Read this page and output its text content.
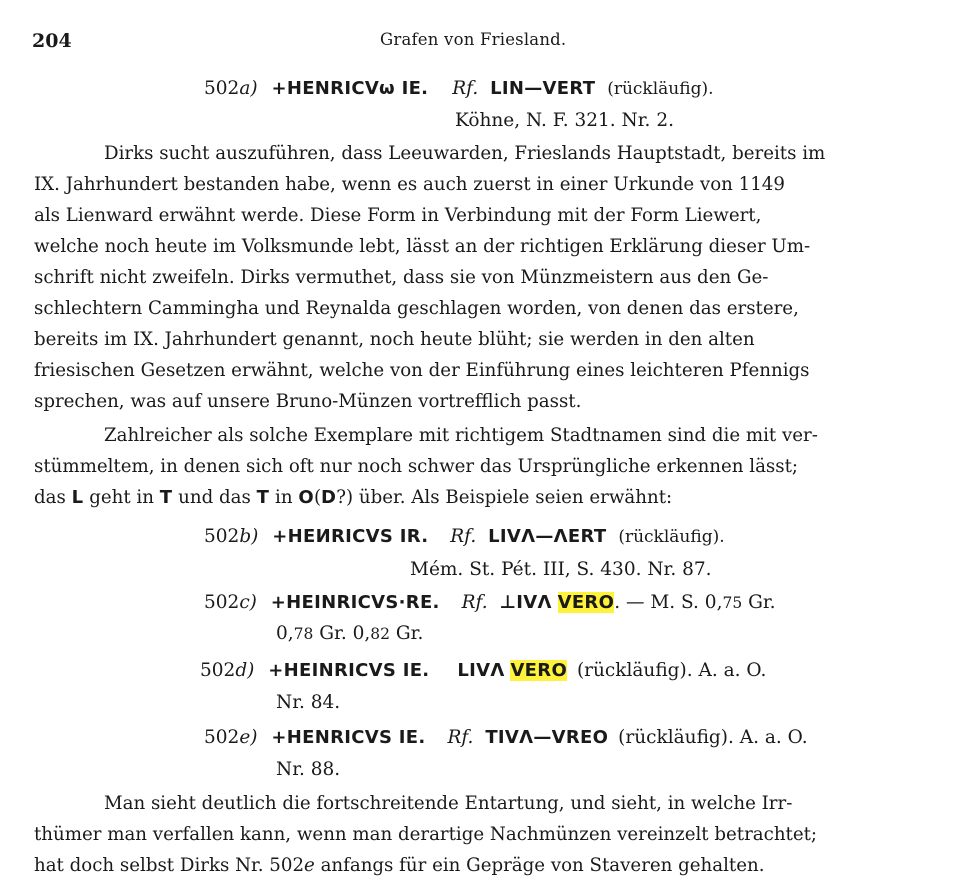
204	Grafen von Friesland.
502a) +HENRICVω IE. Rf. LIN—VERT (rückläufig).
Köhne, N. F. 321. Nr. 2.
Dirks sucht auszuführen, dass Leeuwarden, Frieslands Hauptstadt, bereits im
IX. Jahrhundert bestanden habe, wenn es auch zuerst in einer Urkunde von 1149
als Lienward erwähnt werde. Diese Form in Verbindung mit der Form Liewert,
welche noch heute im Volksmunde lebt, lässt an der richtigen Erklärung dieser Um-
schrift nicht zweifeln. Dirks vermuthet, dass sie von Münzmeistern aus den Ge-
schlechtern Cammingha und Reynalda geschlagen worden, von denen das erstere,
bereits im IX. Jahrhundert genannt, noch heute blüht; sie werden in den alten
friesischen Gesetzen erwähnt, welche von der Einführung eines leichteren Pfennigs
sprechen, was auf unsere Bruno-Münzen vortrefflich passt.
Zahlreicher als solche Exemplare mit richtigem Stadtnamen sind die mit ver-
stümmeltem, in denen sich oft nur noch schwer das Ursprüngliche erkennen lässt;
das L geht in T und das T in O(D?) über. Als Beispiele seien erwähnt:
502b) +HEИRICVS IR. Rf. LIVΛ—ΛERT (rückläufig).
Mém. St. Pét. III, S. 430. Nr. 87.
502c) +HEINRICVS·RE. Rf. ⊥IVΛ VERO. — M. S. 0,75 Gr.
0,78 Gr. 0,82 Gr.
502d) +HEINRICVS IE. LIVΛ VERO (rückläufig). A. a. O.
Nr. 84.
502e) +HENRICVS IE. Rf. TIVΛ—VREO (rückläufig). A. a. O.
Nr. 88.
Man sieht deutlich die fortschreitende Entartung, und sieht, in welche Irr-
thümer man verfallen kann, wenn man derartige Nachmünzen vereinzelt betrachtet;
hat doch selbst Dirks Nr. 502e anfangs für ein Gepräge von Staveren gehalten.
